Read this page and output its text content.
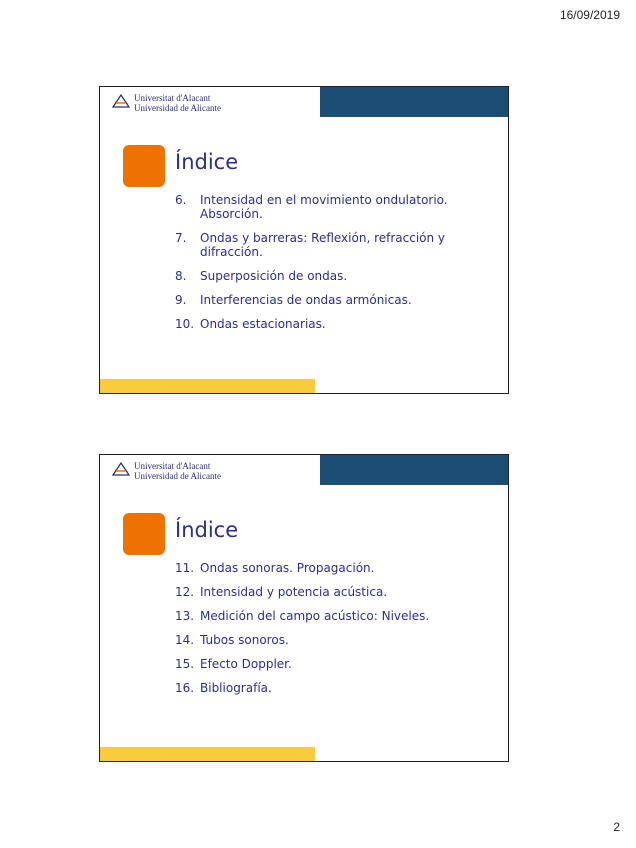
16/09/2019
Universitat d'Alacant
Universidad de Alicante
Índice
6.	Intensidad en el movimiento ondulatorio. Absorción.
7.	Ondas y barreras: Reflexión, refracción y difracción.
8.	Superposición de ondas.
9.	Interferencias de ondas armónicas.
10. Ondas estacionarias.
Universitat d'Alacant
Universidad de Alicante
Índice
11. Ondas sonoras. Propagación.
12. Intensidad y potencia acústica.
13. Medición del campo acústico: Niveles.
14. Tubos sonoros.
15. Efecto Doppler.
16. Bibliografía.
2
